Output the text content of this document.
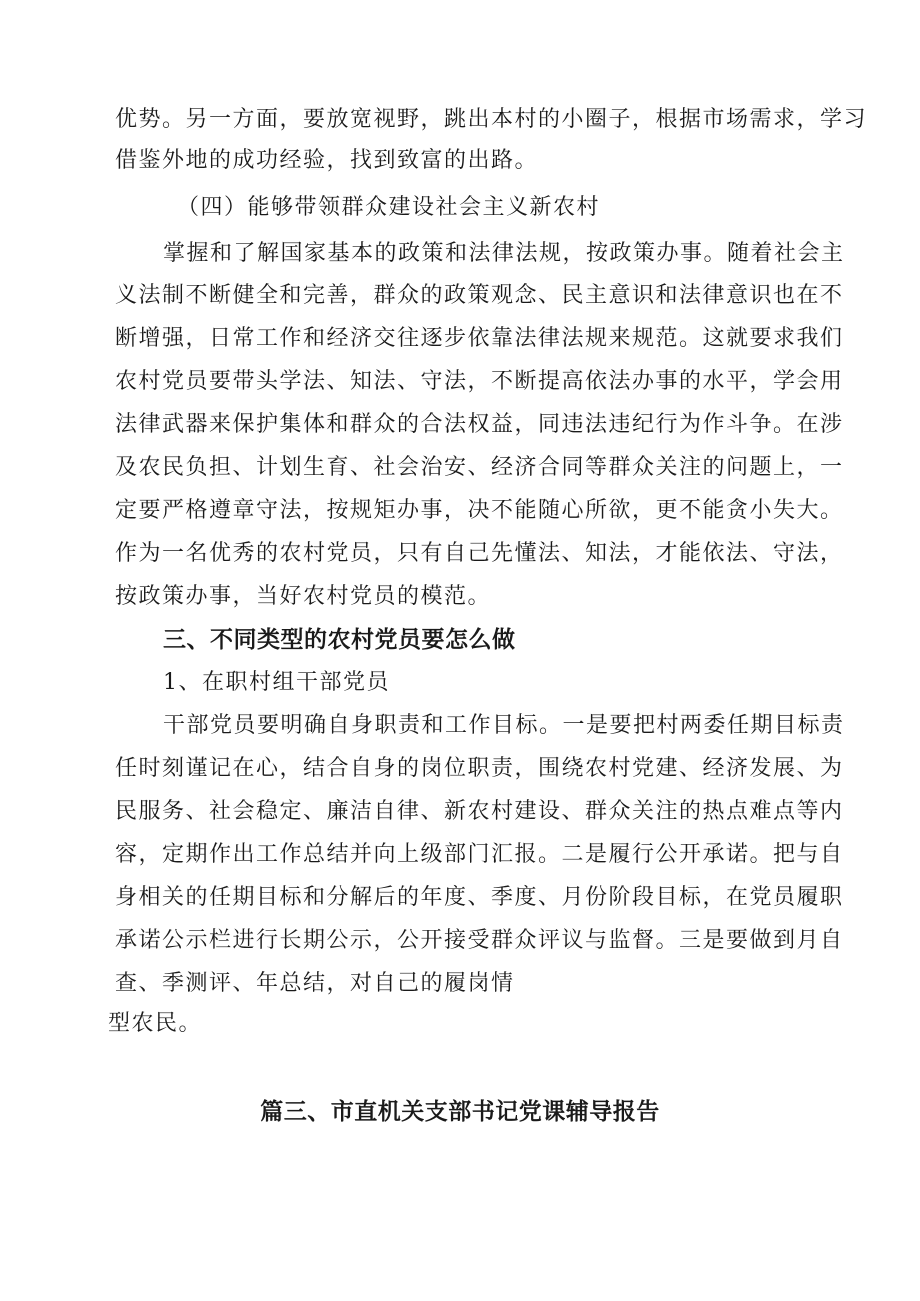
优势。另一方面，要放宽视野，跳出本村的小圈子，根据市场需求，学习
借鉴外地的成功经验，找到致富的出路。
（四）能够带领群众建设社会主义新农村
掌握和了解国家基本的政策和法律法规，按政策办事。随着社会主
义法制不断健全和完善，群众的政策观念、民主意识和法律意识也在不
断增强，日常工作和经济交往逐步依靠法律法规来规范。这就要求我们
农村党员要带头学法、知法、守法，不断提高依法办事的水平，学会用
法律武器来保护集体和群众的合法权益，同违法违纪行为作斗争。在涉
及农民负担、计划生育、社会治安、经济合同等群众关注的问题上，一
定要严格遵章守法，按规矩办事，决不能随心所欲，更不能贪小失大。
作为一名优秀的农村党员，只有自己先懂法、知法，才能依法、守法，
按政策办事，当好农村党员的模范。
三、不同类型的农村党员要怎么做
1、在职村组干部党员
干部党员要明确自身职责和工作目标。一是要把村两委任期目标责
任时刻谨记在心，结合自身的岗位职责，围绕农村党建、经济发展、为
民服务、社会稳定、廉洁自律、新农村建设、群众关注的热点难点等内
容，定期作出工作总结并向上级部门汇报。二是履行公开承诺。把与自
身相关的任期目标和分解后的年度、季度、月份阶段目标，在党员履职
承诺公示栏进行长期公示，公开接受群众评议与监督。三是要做到月自
查、季测评、年总结，对自己的履岗情
型农民。
篇三、市直机关支部书记党课辅导报告
